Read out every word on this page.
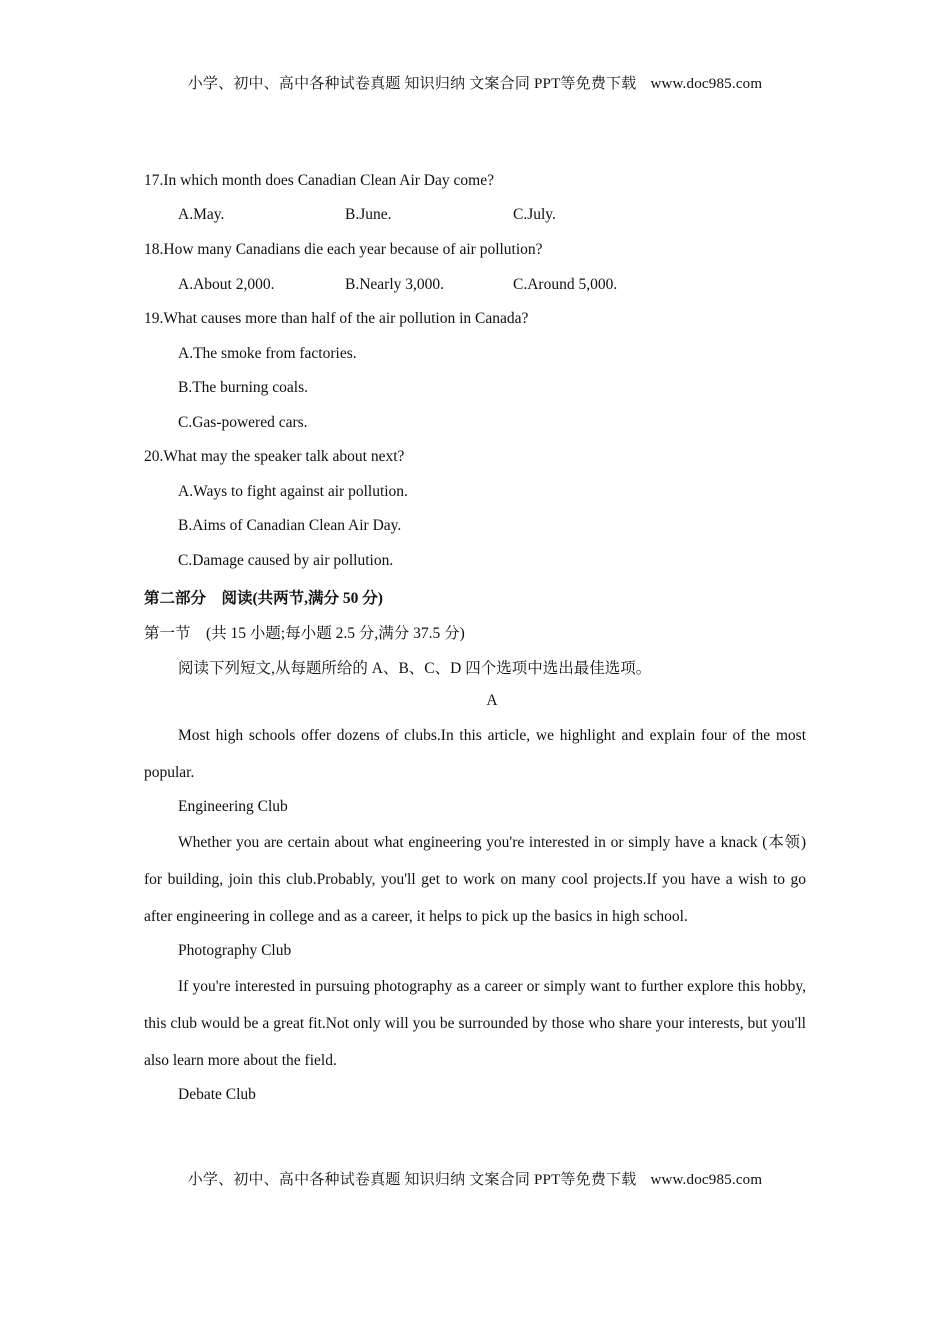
小学、初中、高中各种试卷真题 知识归纳 文案合同 PPT等免费下载 www.doc985.com
17.In which month does Canadian Clean Air Day come?
A.May.	B.June.	C.July.
18.How many Canadians die each year because of air pollution?
A.About 2,000.	B.Nearly 3,000.	C.Around 5,000.
19.What causes more than half of the air pollution in Canada?
A.The smoke from factories.
B.The burning coals.
C.Gas-powered cars.
20.What may the speaker talk about next?
A.Ways to fight against air pollution.
B.Aims of Canadian Clean Air Day.
C.Damage caused by air pollution.
第二部分　阅读(共两节,满分 50 分)
第一节　(共 15 小题;每小题 2.5 分,满分 37.5 分)
阅读下列短文,从每题所给的 A、B、C、D 四个选项中选出最佳选项。
A

Most high schools offer dozens of clubs.In this article, we highlight and explain four of the most popular.

Engineering Club

Whether you are certain about what engineering you're interested in or simply have a knack (本领) for building, join this club.Probably, you'll get to work on many cool projects.If you have a wish to go after engineering in college and as a career, it helps to pick up the basics in high school.

Photography Club

If you're interested in pursuing photography as a career or simply want to further explore this hobby, this club would be a great fit.Not only will you be surrounded by those who share your interests, but you'll also learn more about the field.

Debate Club
小学、初中、高中各种试卷真题 知识归纳 文案合同 PPT等免费下载 www.doc985.com
